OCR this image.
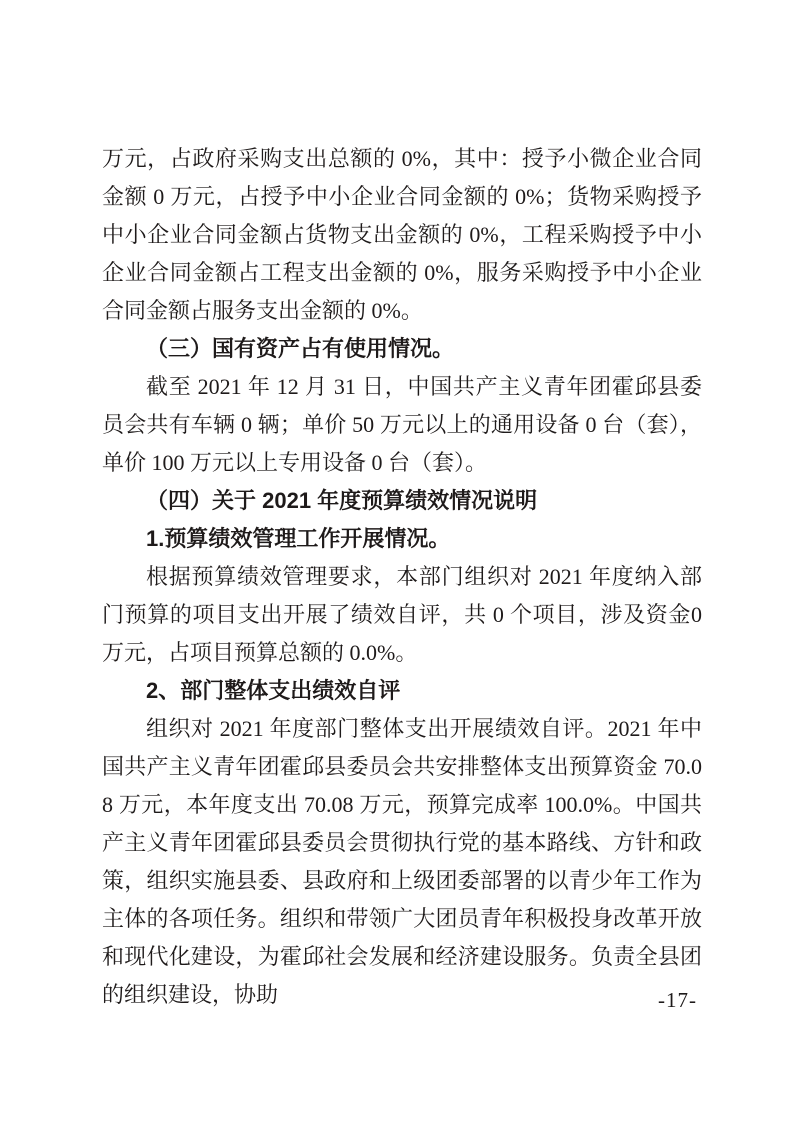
万元，占政府采购支出总额的 0%，其中：授予小微企业合同金额 0 万元，占授予中小企业合同金额的 0%；货物采购授予中小企业合同金额占货物支出金额的 0%，工程采购授予中小企业合同金额占工程支出金额的 0%，服务采购授予中小企业合同金额占服务支出金额的 0%。

（三）国有资产占有使用情况。

截至 2021 年 12 月 31 日，中国共产主义青年团霍邱县委员会共有车辆 0 辆；单价 50 万元以上的通用设备 0 台（套），单价 100 万元以上专用设备 0 台（套）。

（四）关于 2021 年度预算绩效情况说明
1.预算绩效管理工作开展情况。

根据预算绩效管理要求，本部门组织对 2021 年度纳入部门预算的项目支出开展了绩效自评，共 0 个项目，涉及资金0 万元，占项目预算总额的 0.0%。

2、部门整体支出绩效自评

组织对 2021 年度部门整体支出开展绩效自评。2021 年中国共产主义青年团霍邱县委员会共安排整体支出预算资金 70.08 万元，本年度支出 70.08 万元，预算完成率 100.0%。中国共产主义青年团霍邱县委员会贯彻执行党的基本路线、方针和政策，组织实施县委、县政府和上级团委部署的以青少年工作为主体的各项任务。组织和带领广大团员青年积极投身改革开放和现代化建设，为霍邱社会发展和经济建设服务。负责全县团的组织建设，协助	-17-
